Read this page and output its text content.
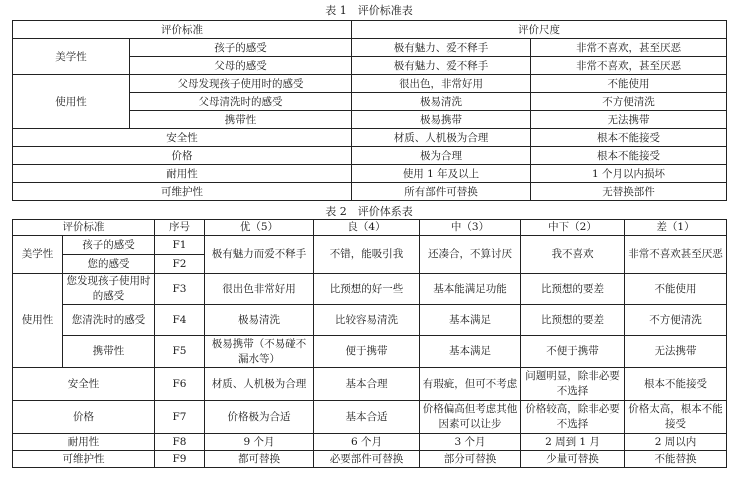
表 1　评价标准表
评价标准		评价尺度	
美学性	孩子的感受	极有魅力、爱不释手	非常不喜欢，甚至厌恶
	父母的感受	极有魅力、爱不释手	非常不喜欢，甚至厌恶
使用性	父母发现孩子使用时的感受	很出色，非常好用	不能使用
	父母清洗时的感受	极易清洗	不方便清洗
	携带性	极易携带	无法携带
安全性		材质、人机极为合理	根本不能接受
价格		极为合理	根本不能接受
耐用性		使用 1 年及以上	1 个月以内损坏
可维护性		所有部件可替换	无替换部件
表 2　评价体系表
评价标准		序号	优（5）	良（4）	中（3）	中下（2）	差（1）
美学性	孩子的感受	F1	极有魅力而爱不释手	不错，能吸引我	还凑合，不算讨厌	我不喜欢	非常不喜欢甚至厌恶
	您的感受	F2					
使用性	您发现孩子使用时的感受	F3	很出色非常好用	比预想的好一些	基本能满足功能	比预想的要差	不能使用
	您清洗时的感受	F4	极易清洗	比较容易清洗	基本满足	比预想的要差	不方便清洗
	携带性	F5	极易携带（不易碰不漏水等）	便于携带	基本满足	不便于携带	无法携带
安全性		F6	材质、人机极为合理	基本合理	有瑕疵，但可不考虑	问题明显，除非必要不选择	根本不能接受
价格		F7	价格极为合适	基本合适	价格偏高但考虑其他因素可以让步	价格较高，除非必要不选择	价格太高，根本不能接受
耐用性		F8	9 个月	6 个月	3 个月	2 周到 1 月	2 周以内
可维护性		F9	都可替换	必要部件可替换	部分可替换	少量可替换	不能替换
